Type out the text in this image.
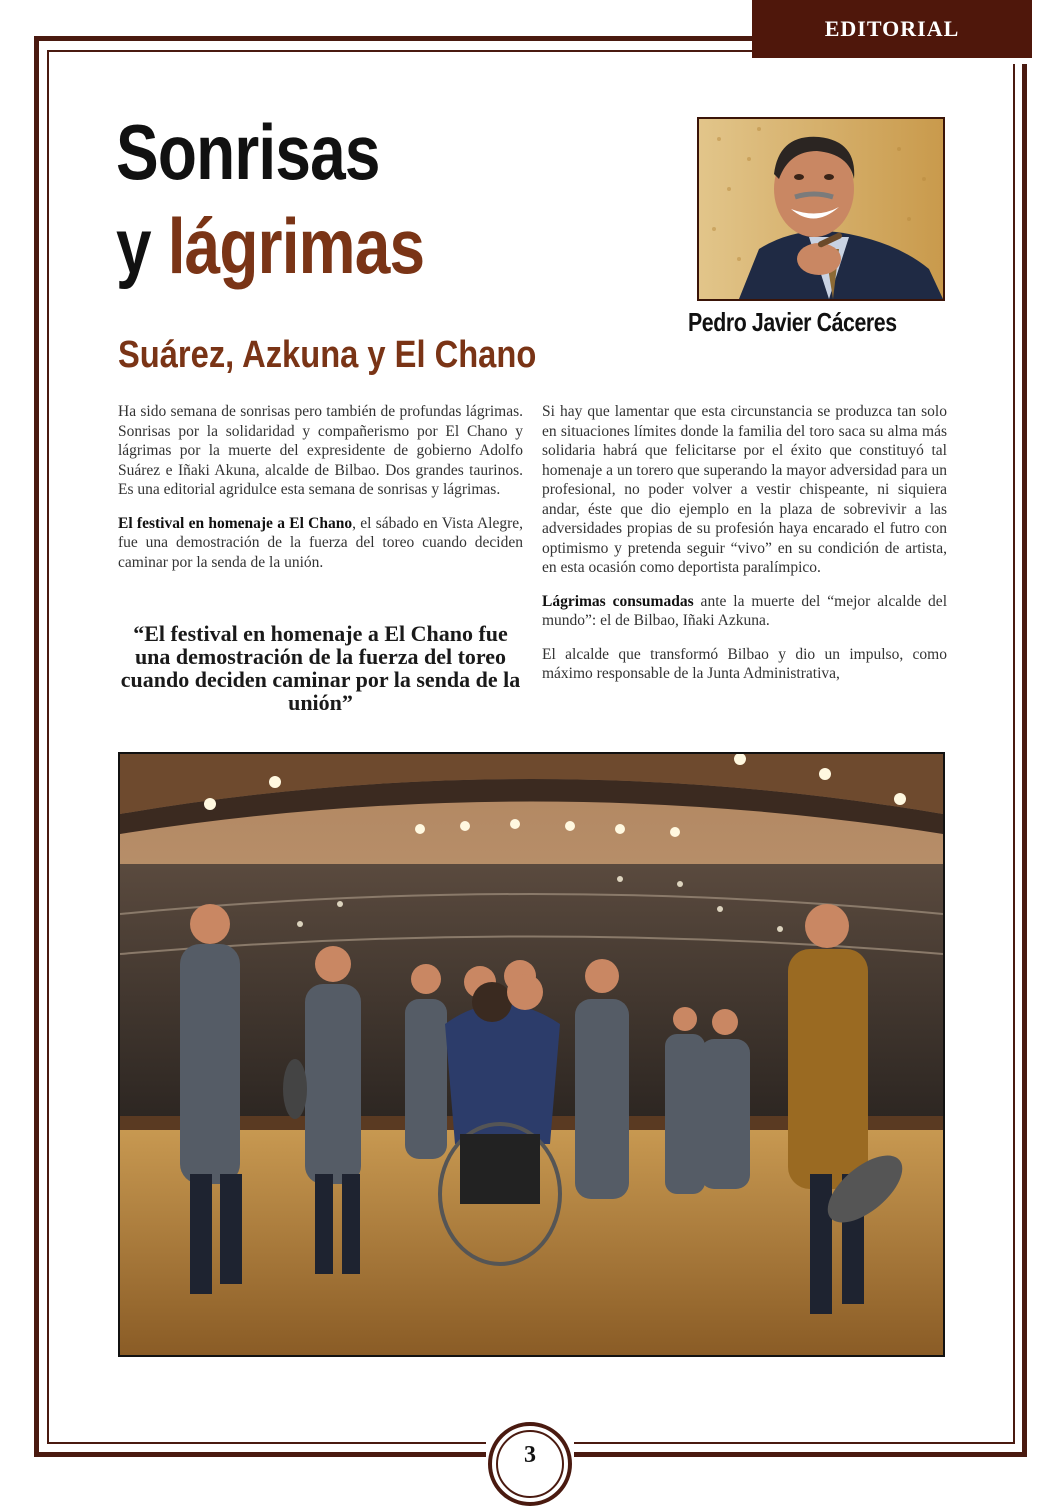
EDITORIAL
Sonrisas
y lágrimas
Suárez, Azkuna y El Chano
Pedro Javier Cáceres

Ha sido semana de sonrisas pero también de profundas lágrimas. Sonrisas por la solidaridad y compañerismo por El Chano y lágrimas por la muerte del expresidente de gobierno Adolfo Suárez e Iñaki Akuna, alcalde de Bilbao. Dos grandes taurinos. Es una editorial agridulce esta semana de sonrisas y lágrimas.

El festival en homenaje a El Chano, el sábado en Vista Alegre, fue una demostración de la fuerza del toreo cuando deciden caminar por la senda de la unión.

“El festival en homenaje a El Chano fue una demostración de la fuerza del toreo cuando deciden caminar por la senda de la unión”

Si hay que lamentar que esta circunstancia se produzca tan solo en situaciones límites donde la familia del toro saca su alma más solidaria habrá que felicitarse por el éxito que constituyó tal homenaje a un torero que superando la mayor adversidad para un profesional, no poder volver a vestir chispeante, ni siquiera andar, éste que dio ejemplo en la plaza de sobrevivir a las adversidades propias de su profesión haya encarado el futro con optimismo y pretenda seguir “vivo” en su condición de artista, en esta ocasión como deportista paralímpico.

Lágrimas consumadas ante la muerte del “mejor alcalde del mundo”: el de Bilbao, Iñaki Azkuna.

El alcalde que transformó Bilbao y dio un impulso, como máximo responsable de la Junta Administrativa,

3
